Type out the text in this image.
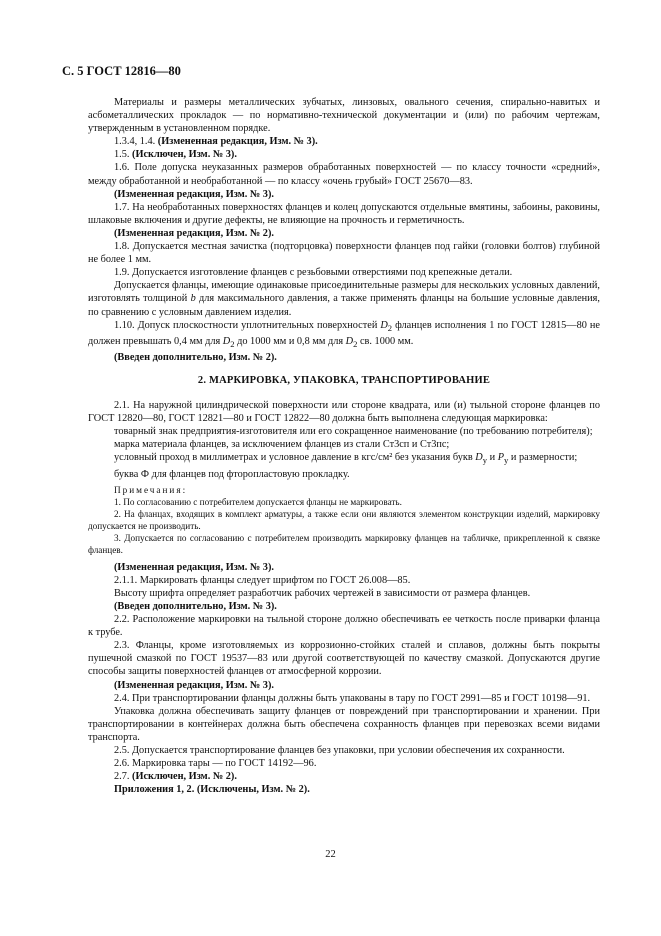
С. 5 ГОСТ 12816—80

Материалы и размеры металлических зубчатых, линзовых, овального сечения, спирально-навитых и асбометаллических прокладок — по нормативно-технической документации и (или) по рабочим чертежам, утвержденным в установленном порядке.

1.3.4, 1.4. (Измененная редакция, Изм. № 3).

1.5. (Исключен, Изм. № 3).

1.6. Поле допуска неуказанных размеров обработанных поверхностей — по классу точности «средний», между обработанной и необработанной — по классу «очень грубый» ГОСТ 25670—83.

(Измененная редакция, Изм. № 3).

1.7. На необработанных поверхностях фланцев и колец допускаются отдельные вмятины, забоины, раковины, шлаковые включения и другие дефекты, не влияющие на прочность и герметичность.

(Измененная редакция, Изм. № 2).

1.8. Допускается местная зачистка (подторцовка) поверхности фланцев под гайки (головки болтов) глубиной не более 1 мм.

1.9. Допускается изготовление фланцев с резьбовыми отверстиями под крепежные детали.

Допускается фланцы, имеющие одинаковые присоединительные размеры для нескольких условных давлений, изготовлять толщиной b для максимального давления, а также применять фланцы на большие условные давления, по сравнению с условным давлением изделия.

1.10. Допуск плоскостности уплотнительных поверхностей $D_2$ фланцев исполнения 1 по ГОСТ 12815—80 не должен превышать 0,4 мм для $D_2$ до 1000 мм и 0,8 мм для $D_2$ св. 1000 мм.

(Введен дополнительно, Изм. № 2).

2. МАРКИРОВКА, УПАКОВКА, ТРАНСПОРТИРОВАНИЕ

2.1. На наружной цилиндрической поверхности или стороне квадрата, или (и) тыльной стороне фланцев по ГОСТ 12820—80, ГОСТ 12821—80 и ГОСТ 12822—80 должна быть выполнена следующая маркировка:

товарный знак предприятия-изготовителя или его сокращенное наименование (по требованию потребителя);

марка материала фланцев, за исключением фланцев из стали Ст3сп и Ст3пс;

условный проход в миллиметрах и условное давление в кгс/см² без указания букв $D_y$ и $P_y$ и размерности;

буква Ф для фланцев под фторопластовую прокладку.

Примечания:

1. По согласованию с потребителем допускается фланцы не маркировать.

2. На фланцах, входящих в комплект арматуры, а также если они являются элементом конструкции изделий, маркировку допускается не производить.

3. Допускается по согласованию с потребителем производить маркировку фланцев на табличке, прикрепленной к связке фланцев.

(Измененная редакция, Изм. № 3).

2.1.1. Маркировать фланцы следует шрифтом по ГОСТ 26.008—85.

Высоту шрифта определяет разработчик рабочих чертежей в зависимости от размера фланцев.

(Введен дополнительно, Изм. № 3).

2.2. Расположение маркировки на тыльной стороне должно обеспечивать ее четкость после приварки фланца к трубе.

2.3. Фланцы, кроме изготовляемых из коррозионно-стойких сталей и сплавов, должны быть покрыты пушечной смазкой по ГОСТ 19537—83 или другой соответствующей по качеству смазкой. Допускаются другие способы защиты поверхностей фланцев от атмосферной коррозии.

(Измененная редакция, Изм. № 3).

2.4. При транспортировании фланцы должны быть упакованы в тару по ГОСТ 2991—85 и ГОСТ 10198—91.

Упаковка должна обеспечивать защиту фланцев от повреждений при транспортировании и хранении. При транспортировании в контейнерах должна быть обеспечена сохранность фланцев при перевозках всеми видами транспорта.

2.5. Допускается транспортирование фланцев без упаковки, при условии обеспечения их сохранности.

2.6. Маркировка тары — по ГОСТ 14192—96.

2.7. (Исключен, Изм. № 2).

Приложения 1, 2. (Исключены, Изм. № 2).

22
